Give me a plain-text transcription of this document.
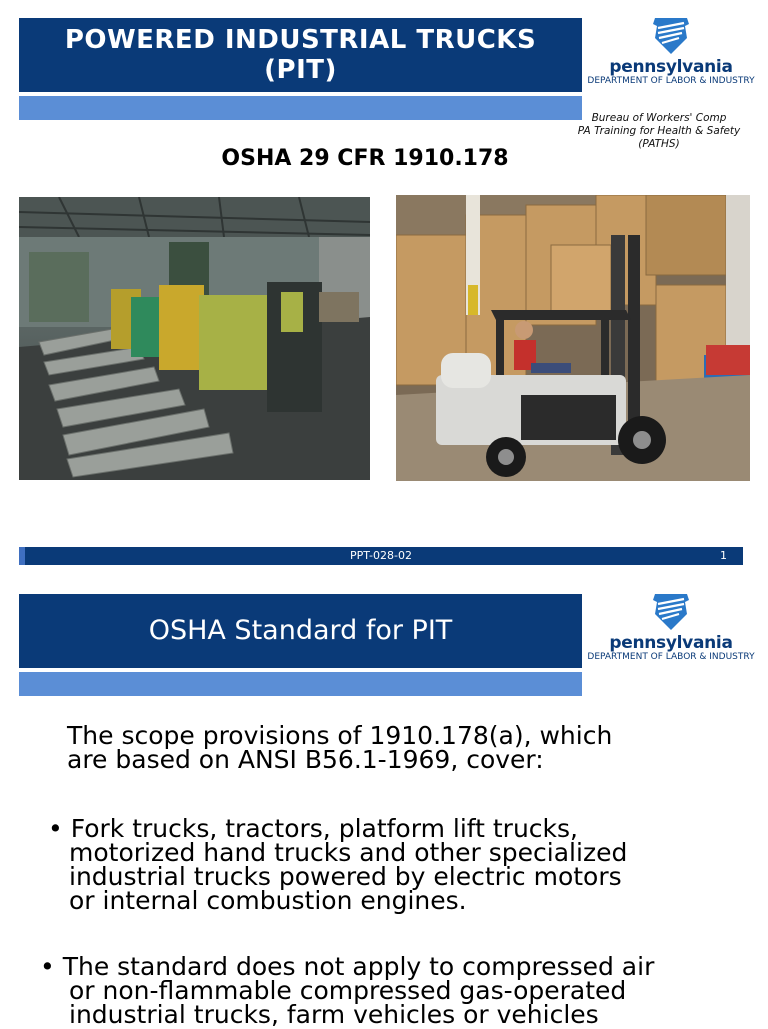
POWERED INDUSTRIAL TRUCKS
(PIT)	pennsylvania
DEPARTMENT OF LABOR & INDUSTRY
Bureau of Workers' Comp
PA Training for Health & Safety
(PATHS)
OSHA 29 CFR 1910.178
PPT-028-02	1
OSHA Standard for PIT	pennsylvania
DEPARTMENT OF LABOR & INDUSTRY
The scope provisions of 1910.178(a), which
are based on ANSI B56.1-1969, cover:
• Fork trucks, tractors, platform lift trucks,
motorized hand trucks and other specialized
industrial trucks powered by electric motors
or internal combustion engines.
• The standard does not apply to compressed air
or non-flammable compressed gas-operated
industrial trucks, farm vehicles or vehicles
